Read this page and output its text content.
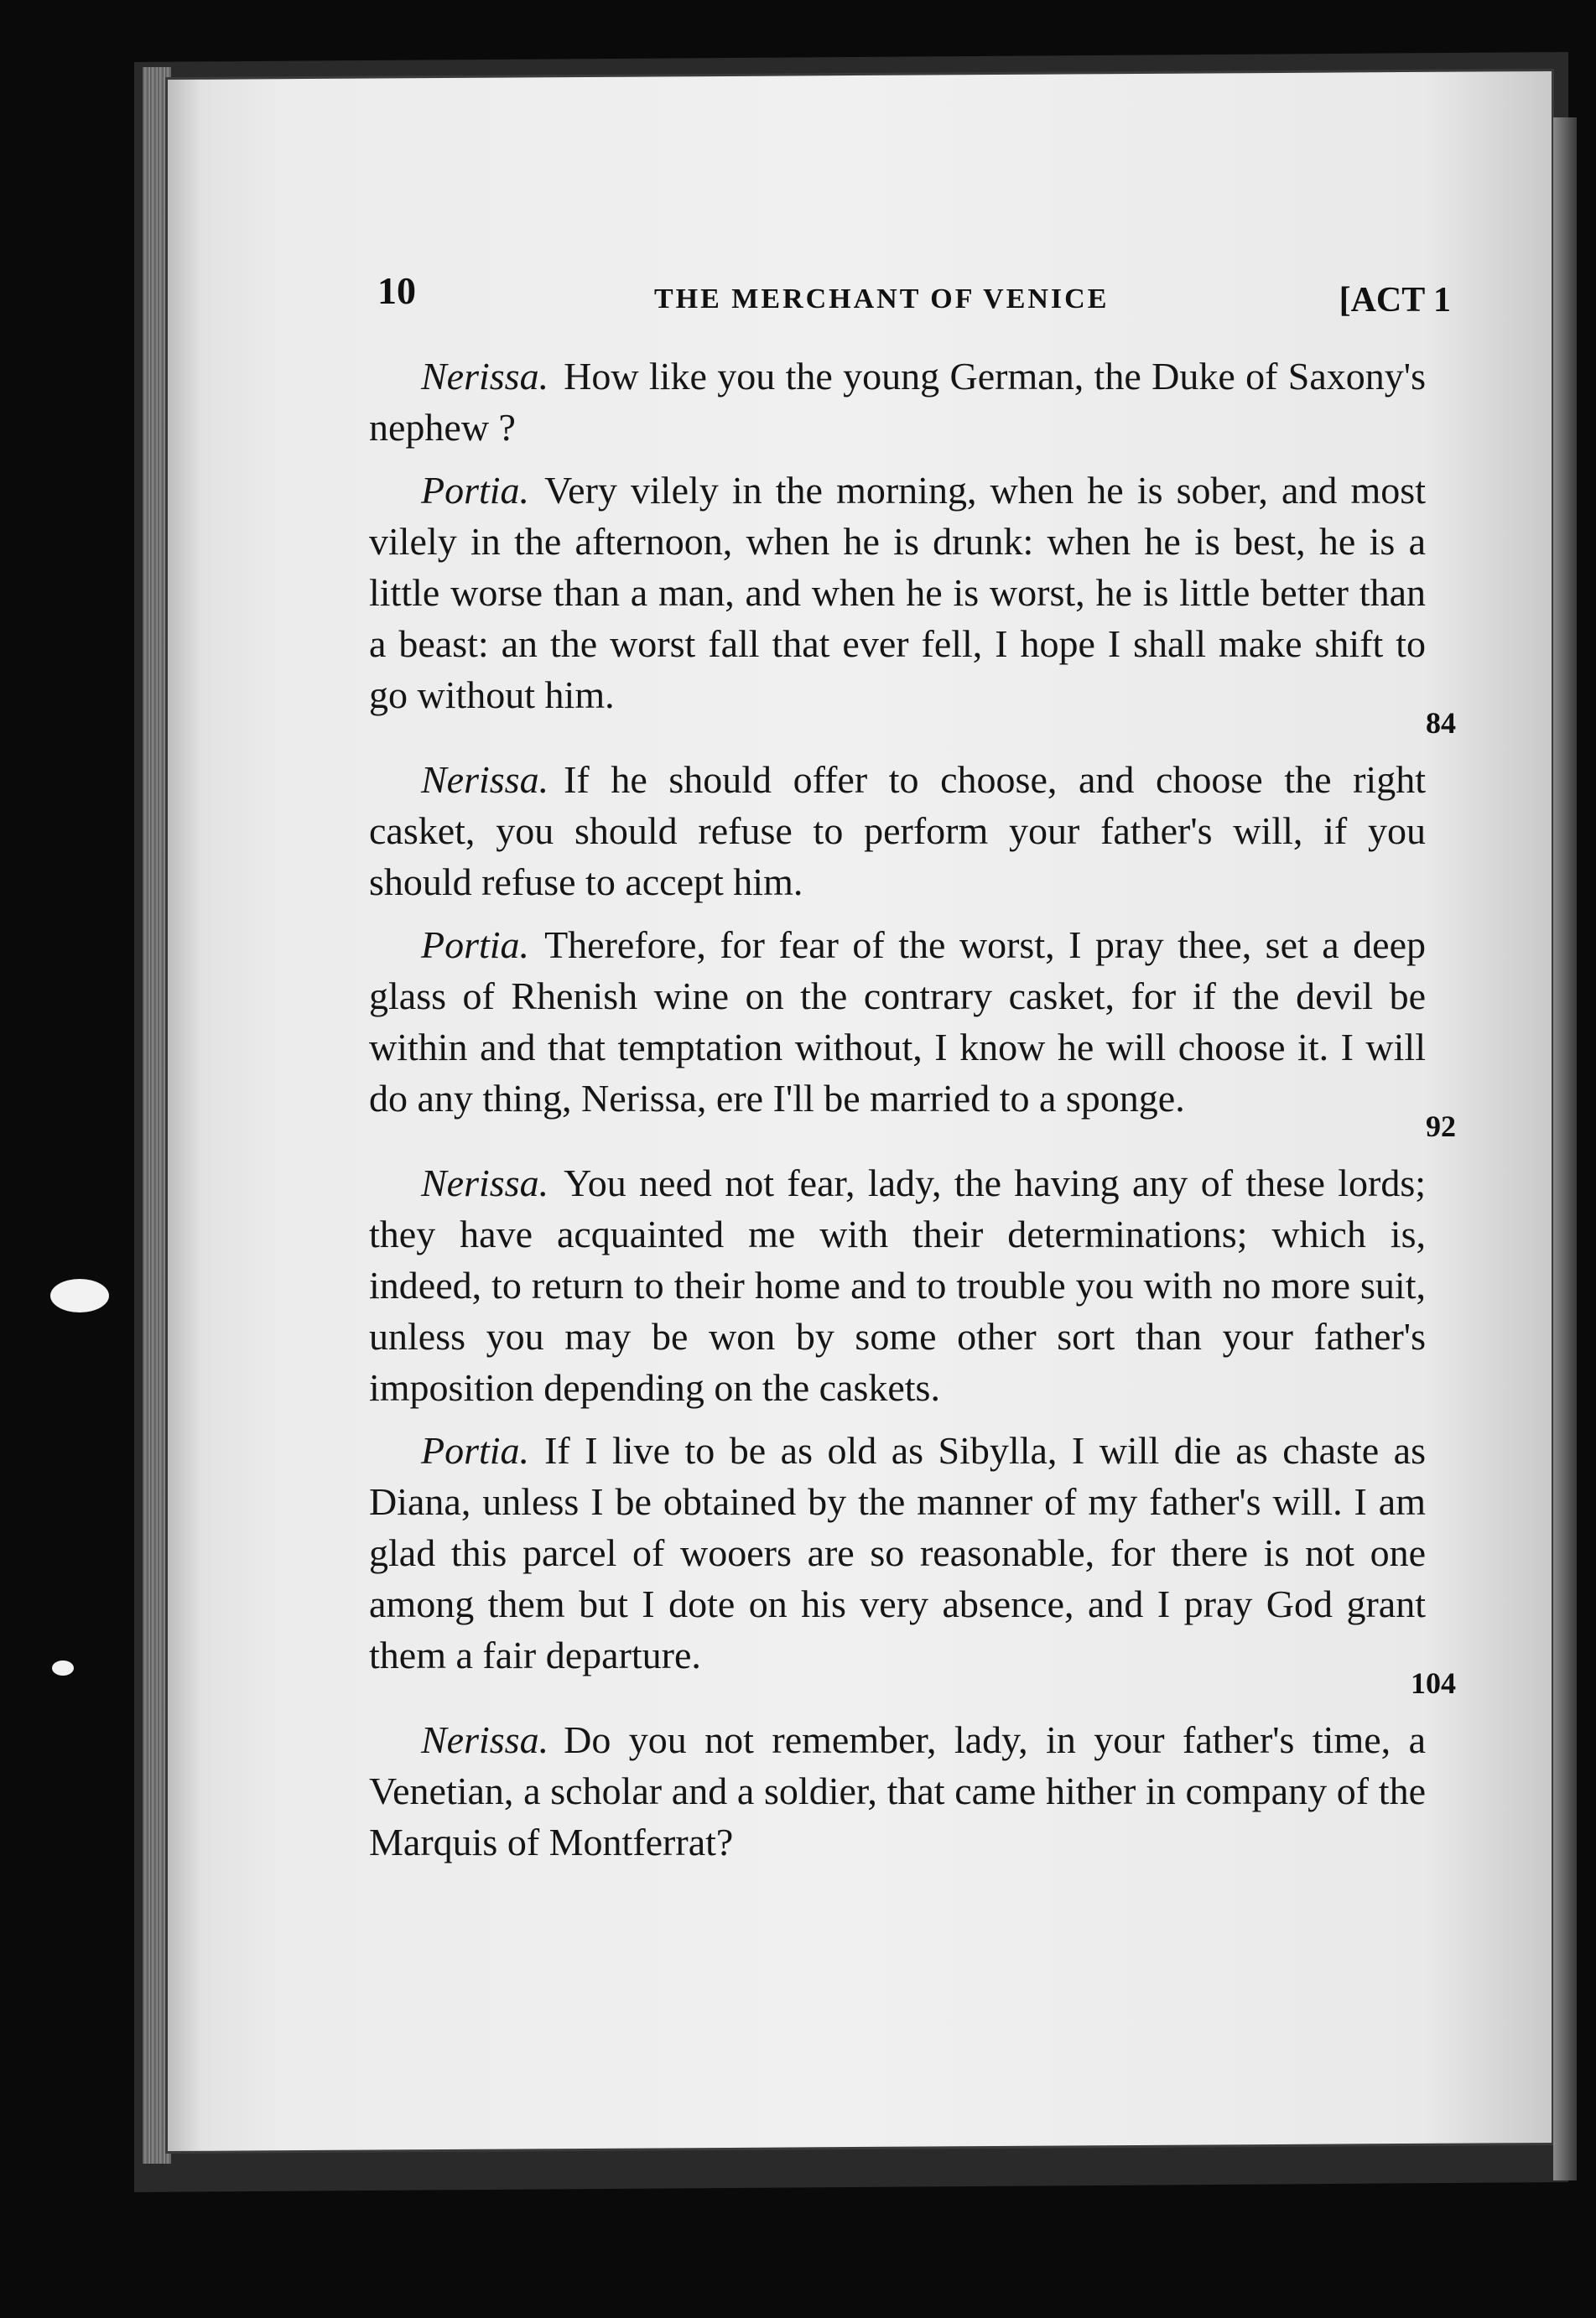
10	THE MERCHANT OF VENICE	[ACT 1

Nerissa. How like you the young German, the Duke of Saxony's nephew ?

Portia. Very vilely in the morning, when he is sober, and most vilely in the afternoon, when he is drunk: when he is best, he is a little worse than a man, and when he is worst, he is little better than a beast: an the worst fall that ever fell, I hope I shall make shift to go without him.
84

Nerissa. If he should offer to choose, and choose the right casket, you should refuse to perform your father's will, if you should refuse to accept him.

Portia. Therefore, for fear of the worst, I pray thee, set a deep glass of Rhenish wine on the contrary casket, for if the devil be within and that temptation without, I know he will choose it. I will do any thing, Nerissa, ere I'll be married to a sponge.
92

Nerissa. You need not fear, lady, the having any of these lords; they have acquainted me with their determinations; which is, indeed, to return to their home and to trouble you with no more suit, unless you may be won by some other sort than your father's imposition depending on the caskets.

Portia. If I live to be as old as Sibylla, I will die as chaste as Diana, unless I be obtained by the manner of my father's will. I am glad this parcel of wooers are so reasonable, for there is not one among them but I dote on his very absence, and I pray God grant them a fair departure.
104

Nerissa. Do you not remember, lady, in your father's time, a Venetian, a scholar and a soldier, that came hither in company of the Marquis of Montferrat?
